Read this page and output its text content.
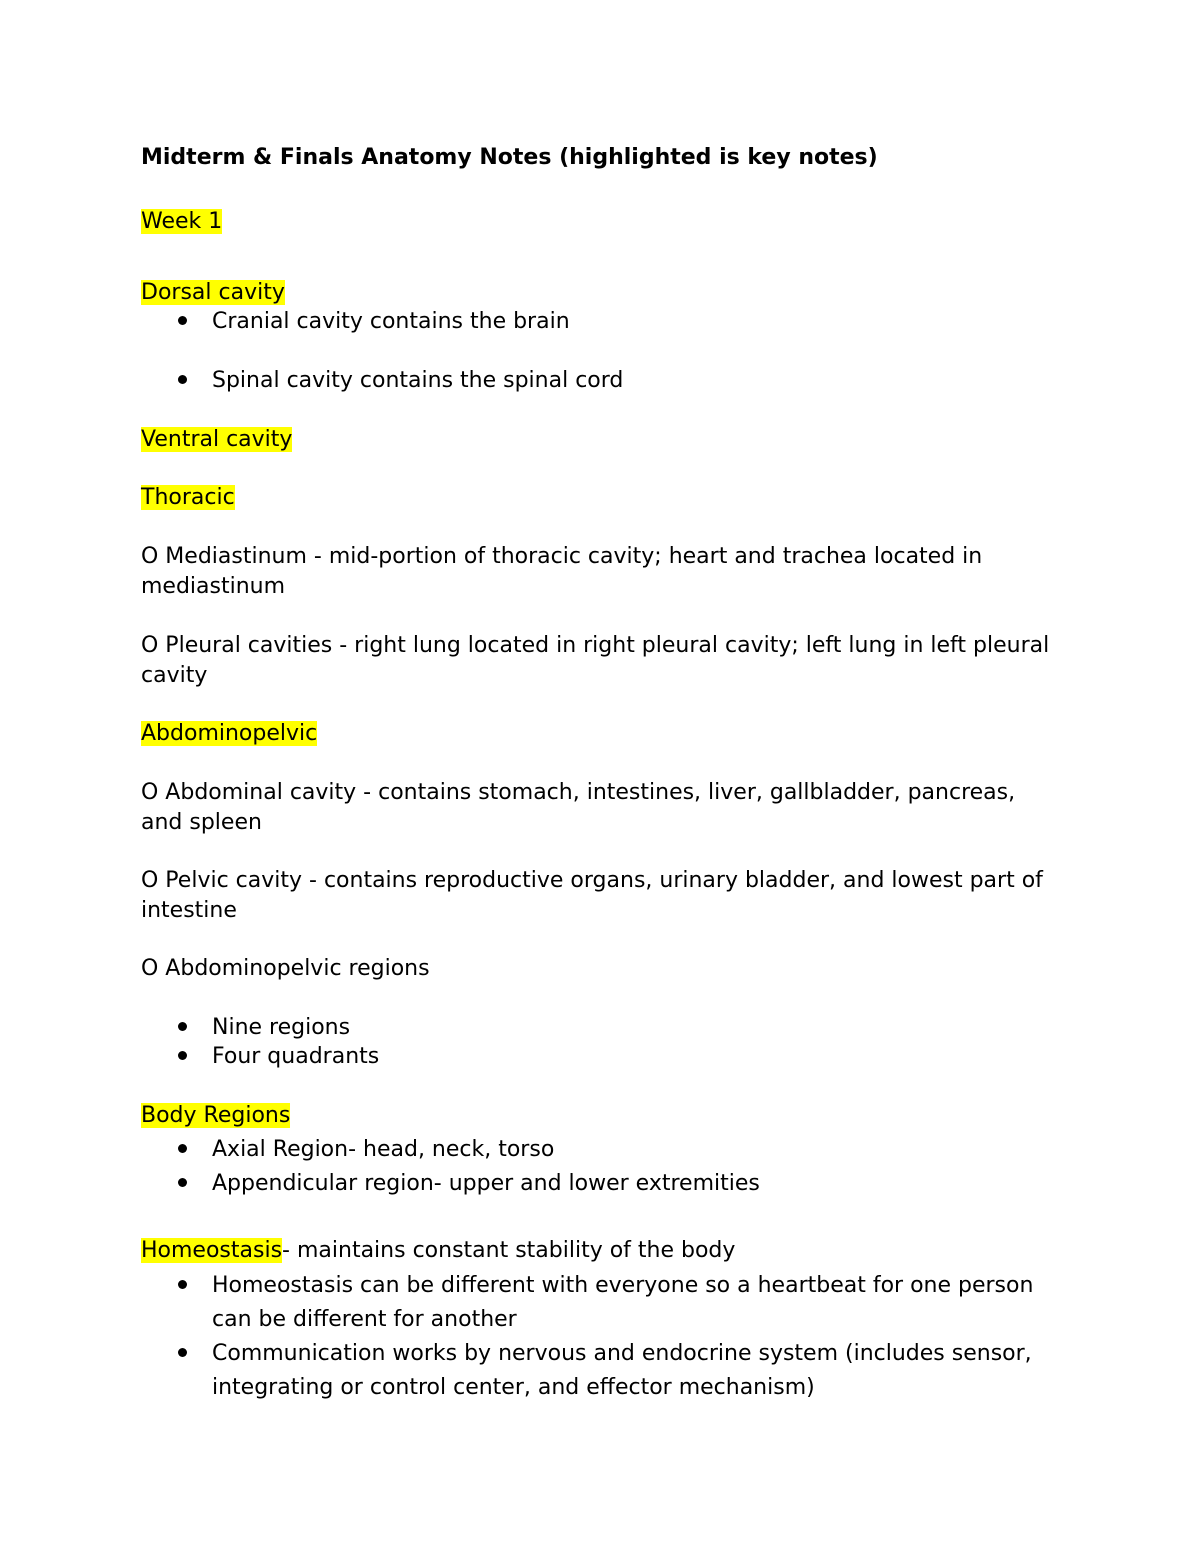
Midterm & Finals Anatomy Notes (highlighted is key notes)
Week 1
Dorsal cavity
Cranial cavity contains the brain
Spinal cavity contains the spinal cord
Ventral cavity
Thoracic
O Mediastinum - mid-portion of thoracic cavity; heart and trachea located in mediastinum
O Pleural cavities - right lung located in right pleural cavity; left lung in left pleural cavity
Abdominopelvic
O Abdominal cavity - contains stomach, intestines, liver, gallbladder, pancreas, and spleen
O Pelvic cavity - contains reproductive organs, urinary bladder, and lowest part of intestine
O Abdominopelvic regions
Nine regions
Four quadrants
Body Regions
Axial Region- head, neck, torso
Appendicular region- upper and lower extremities
Homeostasis- maintains constant stability of the body
Homeostasis can be different with everyone so a heartbeat for one person can be different for another
Communication works by nervous and endocrine system (includes sensor, integrating or control center, and effector mechanism)
